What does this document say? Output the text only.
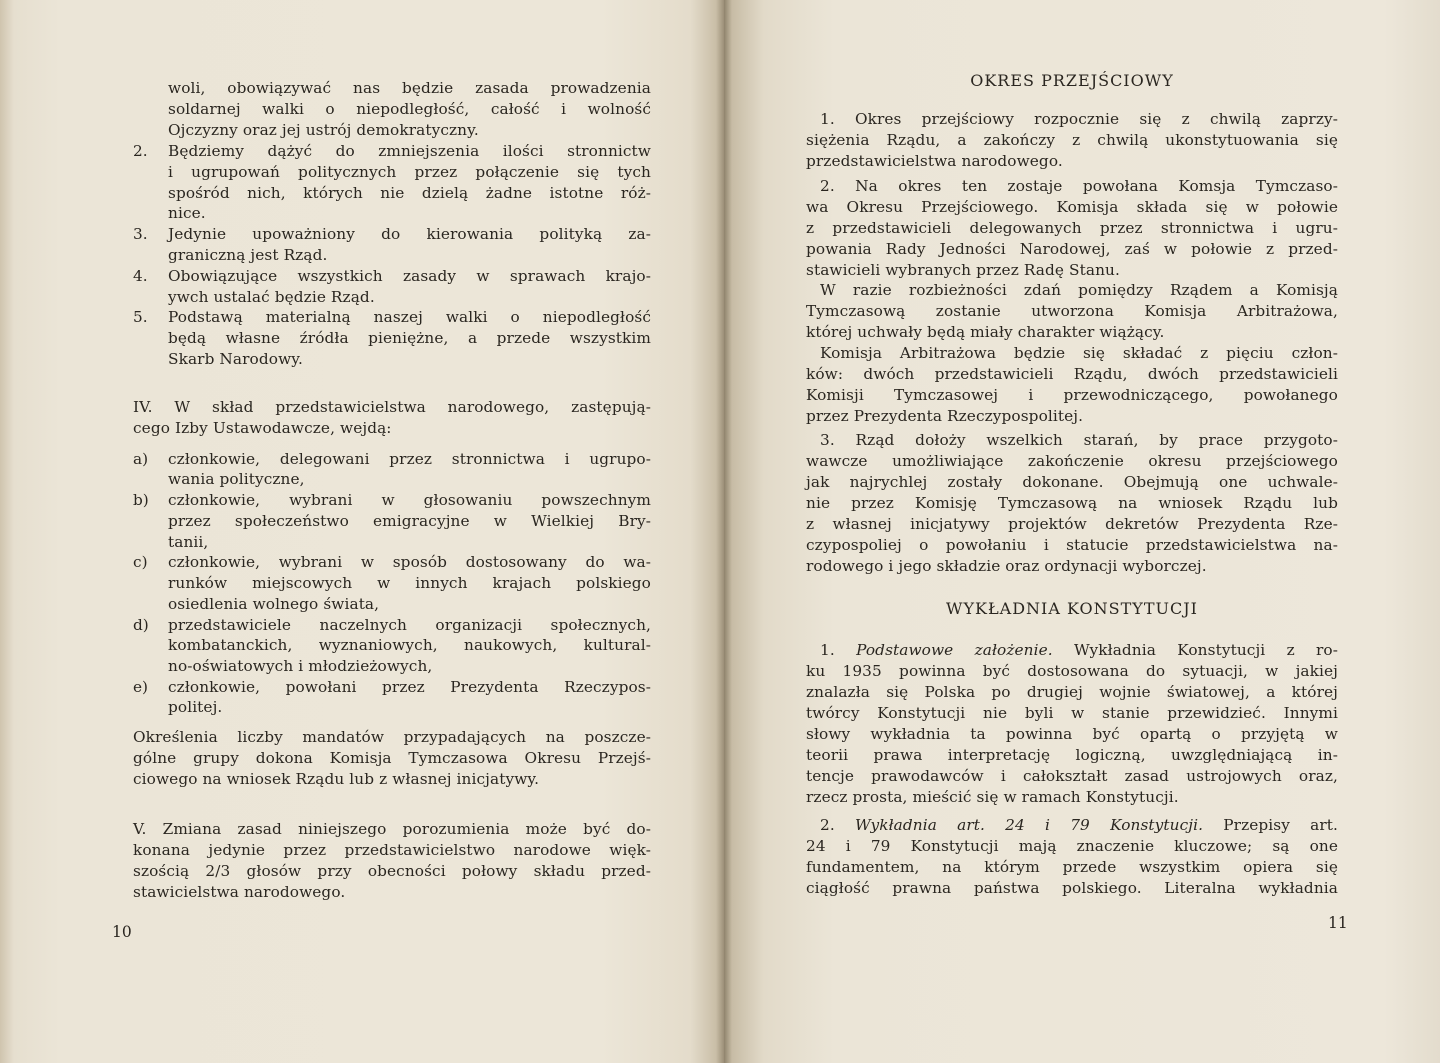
OKRES PRZEJŚCIOWY
WYKŁADNIA KONSTYTUCJI
10	11
woli, obowiązywać nas będzie zasada prowadzenia
soldarnej walki o niepodległość, całość i wolność
Ojczyzny oraz jej ustrój demokratyczny.
2. Będziemy dążyć do zmniejszenia ilości stronnictw
i ugrupowań politycznych przez połączenie się tych
spośród nich, których nie dzielą żadne istotne róż-
nice.
3. Jedynie upoważniony do kierowania polityką za-
graniczną jest Rząd.
4. Obowiązujące wszystkich zasady w sprawach krajo-
ywch ustalać będzie Rząd.
5. Podstawą materialną naszej walki o niepodległość
będą własne źródła pieniężne, a przede wszystkim
Skarb Narodowy.
IV. W skład przedstawicielstwa narodowego, zastępują-
cego Izby Ustawodawcze, wejdą:
a) członkowie, delegowani przez stronnictwa i ugrupo-
wania polityczne,
b) członkowie, wybrani w głosowaniu powszechnym
przez społeczeństwo emigracyjne w Wielkiej Bry-
tanii,
c) członkowie, wybrani w sposób dostosowany do wa-
runków miejscowych w innych krajach polskiego
osiedlenia wolnego świata,
d) przedstawiciele naczelnych organizacji społecznych,
kombatanckich, wyznaniowych, naukowych, kultural-
no-oświatowych i młodzieżowych,
e) członkowie, powołani przez Prezydenta Rzeczypos-
politej.
Określenia liczby mandatów przypadających na poszcze-
gólne grupy dokona Komisja Tymczasowa Okresu Przejś-
ciowego na wniosek Rządu lub z własnej inicjatywy.
V. Zmiana zasad niniejszego porozumienia może być do-
konana jedynie przez przedstawicielstwo narodowe więk-
szością 2/3 głosów przy obecności połowy składu przed-
stawicielstwa narodowego.
1. Okres przejściowy rozpocznie się z chwilą zaprzy-
siężenia Rządu, a zakończy z chwilą ukonstytuowania się
przedstawicielstwa narodowego.
2. Na okres ten zostaje powołana Komsja Tymczaso-
wa Okresu Przejściowego. Komisja składa się w połowie
z przedstawicieli delegowanych przez stronnictwa i ugru-
powania Rady Jedności Narodowej, zaś w połowie z przed-
stawicieli wybranych przez Radę Stanu.
W razie rozbieżności zdań pomiędzy Rządem a Komisją
Tymczasową zostanie utworzona Komisja Arbitrażowa,
której uchwały będą miały charakter wiążący.
Komisja Arbitrażowa będzie się składać z pięciu człon-
ków: dwóch przedstawicieli Rządu, dwóch przedstawicieli
Komisji Tymczasowej i przewodniczącego, powołanego
przez Prezydenta Rzeczypospolitej.
3. Rząd dołoży wszelkich starań, by prace przygoto-
wawcze umożliwiające zakończenie okresu przejściowego
jak najrychlej zostały dokonane. Obejmują one uchwale-
nie przez Komisję Tymczasową na wniosek Rządu lub
z własnej inicjatywy projektów dekretów Prezydenta Rze-
czypospoliej o powołaniu i statucie przedstawicielstwa na-
rodowego i jego składzie oraz ordynacji wyborczej.
1. Podstawowe założenie. Wykładnia Konstytucji z ro-
ku 1935 powinna być dostosowana do sytuacji, w jakiej
znalazła się Polska po drugiej wojnie światowej, a której
twórcy Konstytucji nie byli w stanie przewidzieć. Innymi
słowy wykładnia ta powinna być opartą o przyjętą w
teorii prawa interpretację logiczną, uwzględniającą in-
tencje prawodawców i całokształt zasad ustrojowych oraz,
rzecz prosta, mieścić się w ramach Konstytucji.
2. Wykładnia art. 24 i 79 Konstytucji. Przepisy art.
24 i 79 Konstytucji mają znaczenie kluczowe; są one
fundamentem, na którym przede wszystkim opiera się
ciągłość prawna państwa polskiego. Literalna wykładnia
